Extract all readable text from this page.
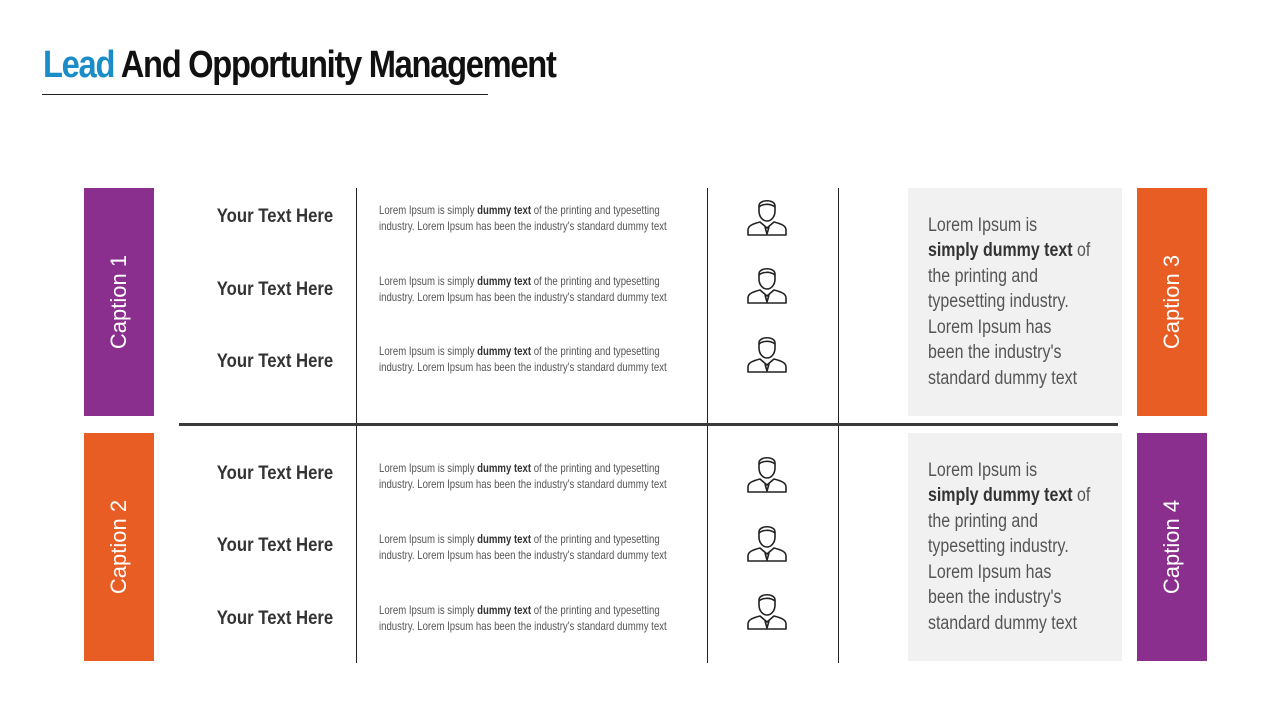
Lead And Opportunity Management
Caption 1
Caption 2
Caption 3
Caption 4
Your Text Here	Lorem Ipsum is simply dummy text of the printing and typesetting
industry. Lorem Ipsum has been the industry's standard dummy text
Your Text Here	Lorem Ipsum is simply dummy text of the printing and typesetting
industry. Lorem Ipsum has been the industry's standard dummy text
Your Text Here	Lorem Ipsum is simply dummy text of the printing and typesetting
industry. Lorem Ipsum has been the industry's standard dummy text
Your Text Here	Lorem Ipsum is simply dummy text of the printing and typesetting
industry. Lorem Ipsum has been the industry's standard dummy text
Your Text Here	Lorem Ipsum is simply dummy text of the printing and typesetting
industry. Lorem Ipsum has been the industry's standard dummy text
Your Text Here	Lorem Ipsum is simply dummy text of the printing and typesetting
industry. Lorem Ipsum has been the industry's standard dummy text

Lorem Ipsum is simply dummy text of the printing and typesetting industry. Lorem Ipsum has been the industry's standard dummy text

Lorem Ipsum is simply dummy text of the printing and typesetting industry. Lorem Ipsum has been the industry's standard dummy text
